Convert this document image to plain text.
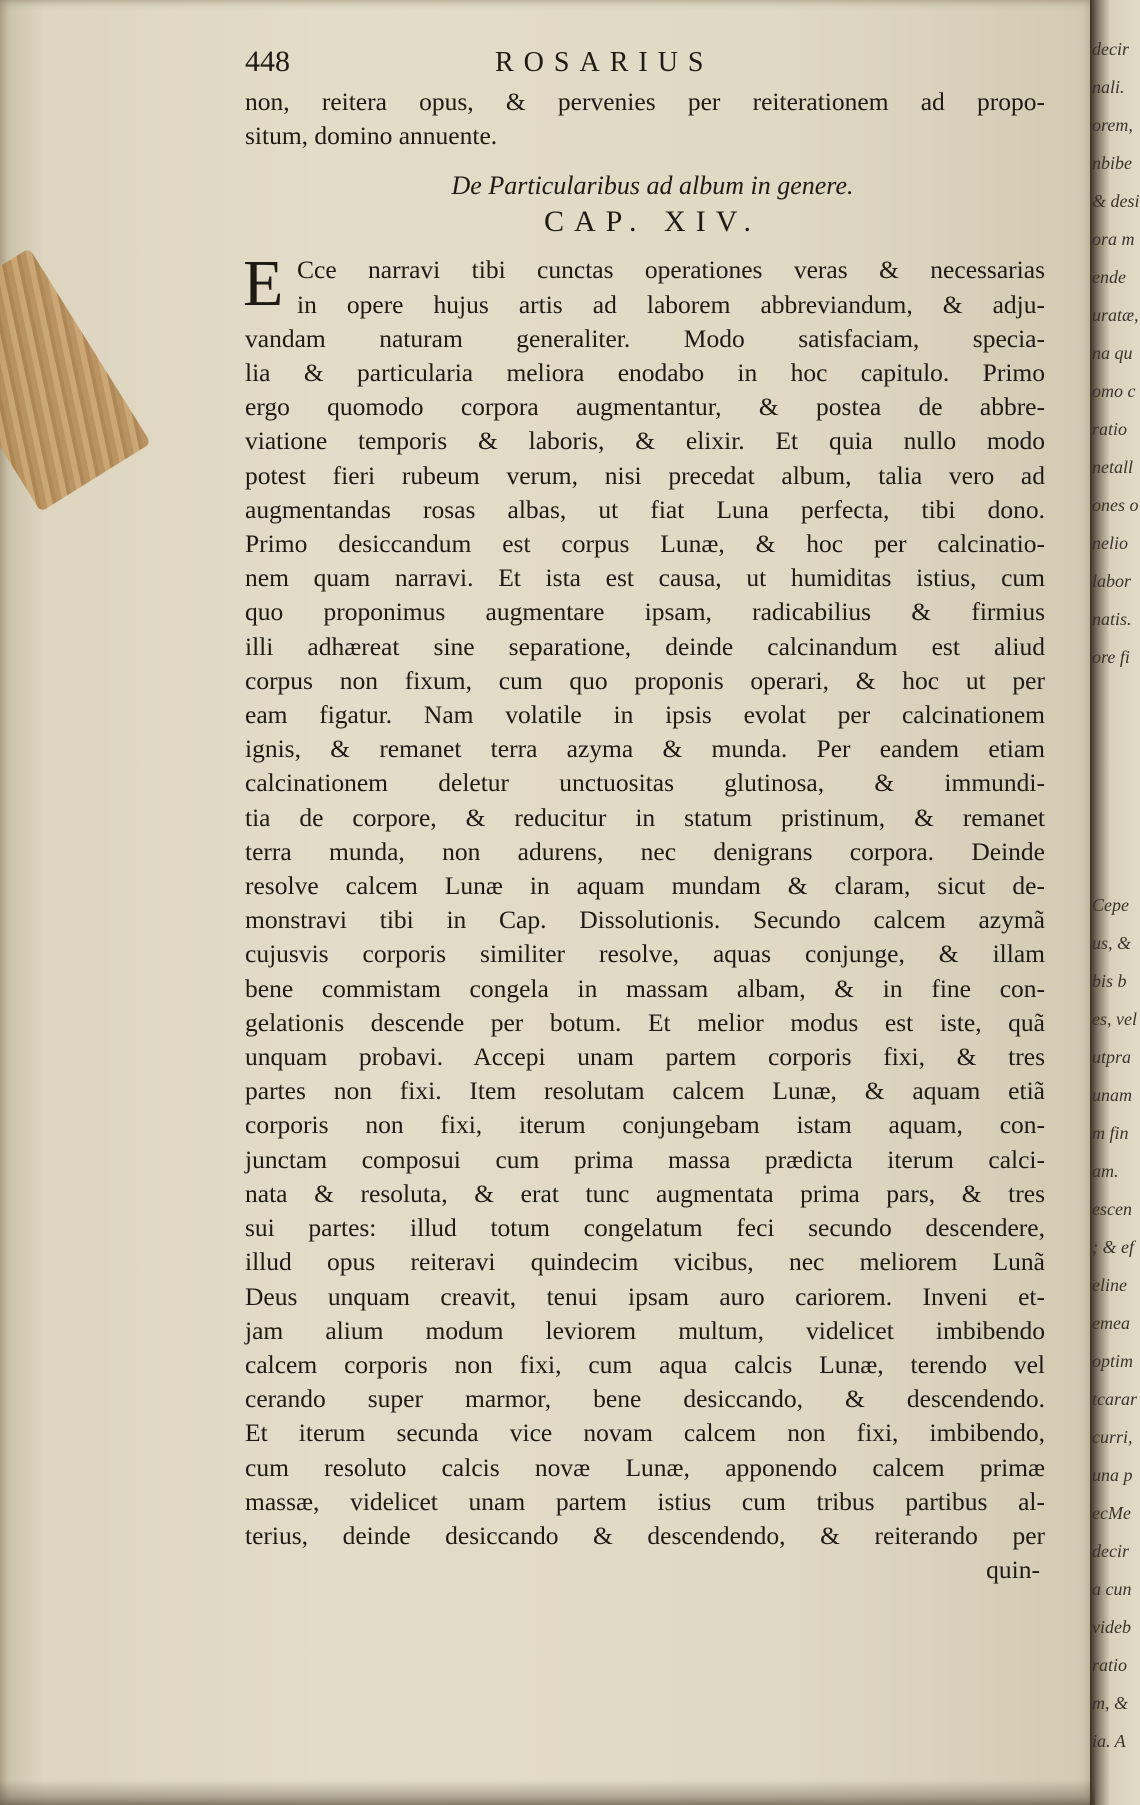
decir
nali.
orem,
nbibe
& desi
ora m
ende
uratæ,
na qu
omo c
ratio
netall
ones o
nelio
labor
natis.
ore fi
Cepe
us, &
bis b
es, vel
utpra
unam
m fin
am.
escen
; & ef
eline
emea
optim
tcarar
curri,
una p
ecMe
decir
a cun
videb
ratio
m, &
ia. A
448	ROSARIUS
non, reitera opus, & pervenies per reiterationem ad propo-
situm, domino annuente.
De Particularibus ad album in genere.
CAP. XIV.
E Cce narravi tibi cunctas operationes veras & necessarias
in opere hujus artis ad laborem abbreviandum, & adju-
vandam naturam generaliter. Modo satisfaciam, specia-
lia & particularia meliora enodabo in hoc capitulo. Primo
ergo quomodo corpora augmentantur, & postea de abbre-
viatione temporis & laboris, & elixir. Et quia nullo modo
potest fieri rubeum verum, nisi precedat album, talia vero ad
augmentandas rosas albas, ut fiat Luna perfecta, tibi dono.
Primo desiccandum est corpus Lunæ, & hoc per calcinatio-
nem quam narravi. Et ista est causa, ut humiditas istius, cum
quo proponimus augmentare ipsam, radicabilius & firmius
illi adhæreat sine separatione, deinde calcinandum est aliud
corpus non fixum, cum quo proponis operari, & hoc ut per
eam figatur. Nam volatile in ipsis evolat per calcinationem
ignis, & remanet terra azyma & munda. Per eandem etiam
calcinationem deletur unctuositas glutinosa, & immundi-
tia de corpore, & reducitur in statum pristinum, & remanet
terra munda, non adurens, nec denigrans corpora. Deinde
resolve calcem Lunæ in aquam mundam & claram, sicut de-
monstravi tibi in Cap. Dissolutionis. Secundo calcem azymã
cujusvis corporis similiter resolve, aquas conjunge, & illam
bene commistam congela in massam albam, & in fine con-
gelationis descende per botum. Et melior modus est iste, quã
unquam probavi. Accepi unam partem corporis fixi, & tres
partes non fixi. Item resolutam calcem Lunæ, & aquam etiã
corporis non fixi, iterum conjungebam istam aquam, con-
junctam composui cum prima massa prædicta iterum calci-
nata & resoluta, & erat tunc augmentata prima pars, & tres
sui partes: illud totum congelatum feci secundo descendere,
illud opus reiteravi quindecim vicibus, nec meliorem Lunã
Deus unquam creavit, tenui ipsam auro cariorem. Inveni et-
jam alium modum leviorem multum, videlicet imbibendo
calcem corporis non fixi, cum aqua calcis Lunæ, terendo vel
cerando super marmor, bene desiccando, & descendendo.
Et iterum secunda vice novam calcem non fixi, imbibendo,
cum resoluto calcis novæ Lunæ, apponendo calcem primæ
massæ, videlicet unam partem istius cum tribus partibus al-
terius, deinde desiccando & descendendo, & reiterando per
quin-
